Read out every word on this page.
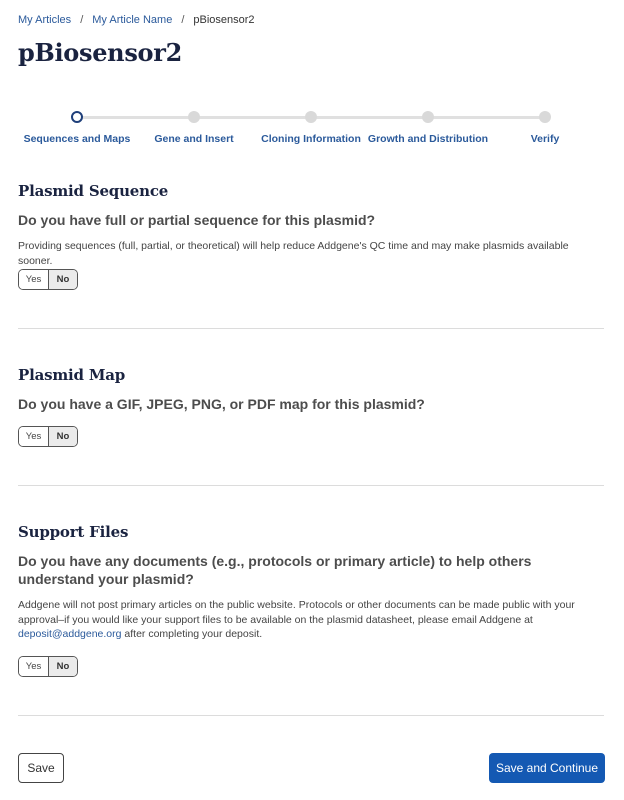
My Articles / My Article Name / pBiosensor2
pBiosensor2
Sequences and Maps	Gene and Insert	Cloning Information Growth and Distribution	Verify
Plasmid Sequence
Do you have full or partial sequence for this plasmid?

Providing sequences (full, partial, or theoretical) will help reduce Addgene's QC time and may make plasmids available sooner.

Yes	No
Plasmid Map
Do you have a GIF, JPEG, PNG, or PDF map for this plasmid?
Yes	No
Support Files
Do you have any documents (e.g., protocols or primary article) to help others understand your plasmid?

Addgene will not post primary articles on the public website. Protocols or other documents can be made public with your approval–if you would like your support files to be available on the plasmid datasheet, please email Addgene at deposit@addgene.org after completing your deposit.

Yes	No
Save	Save and Continue
